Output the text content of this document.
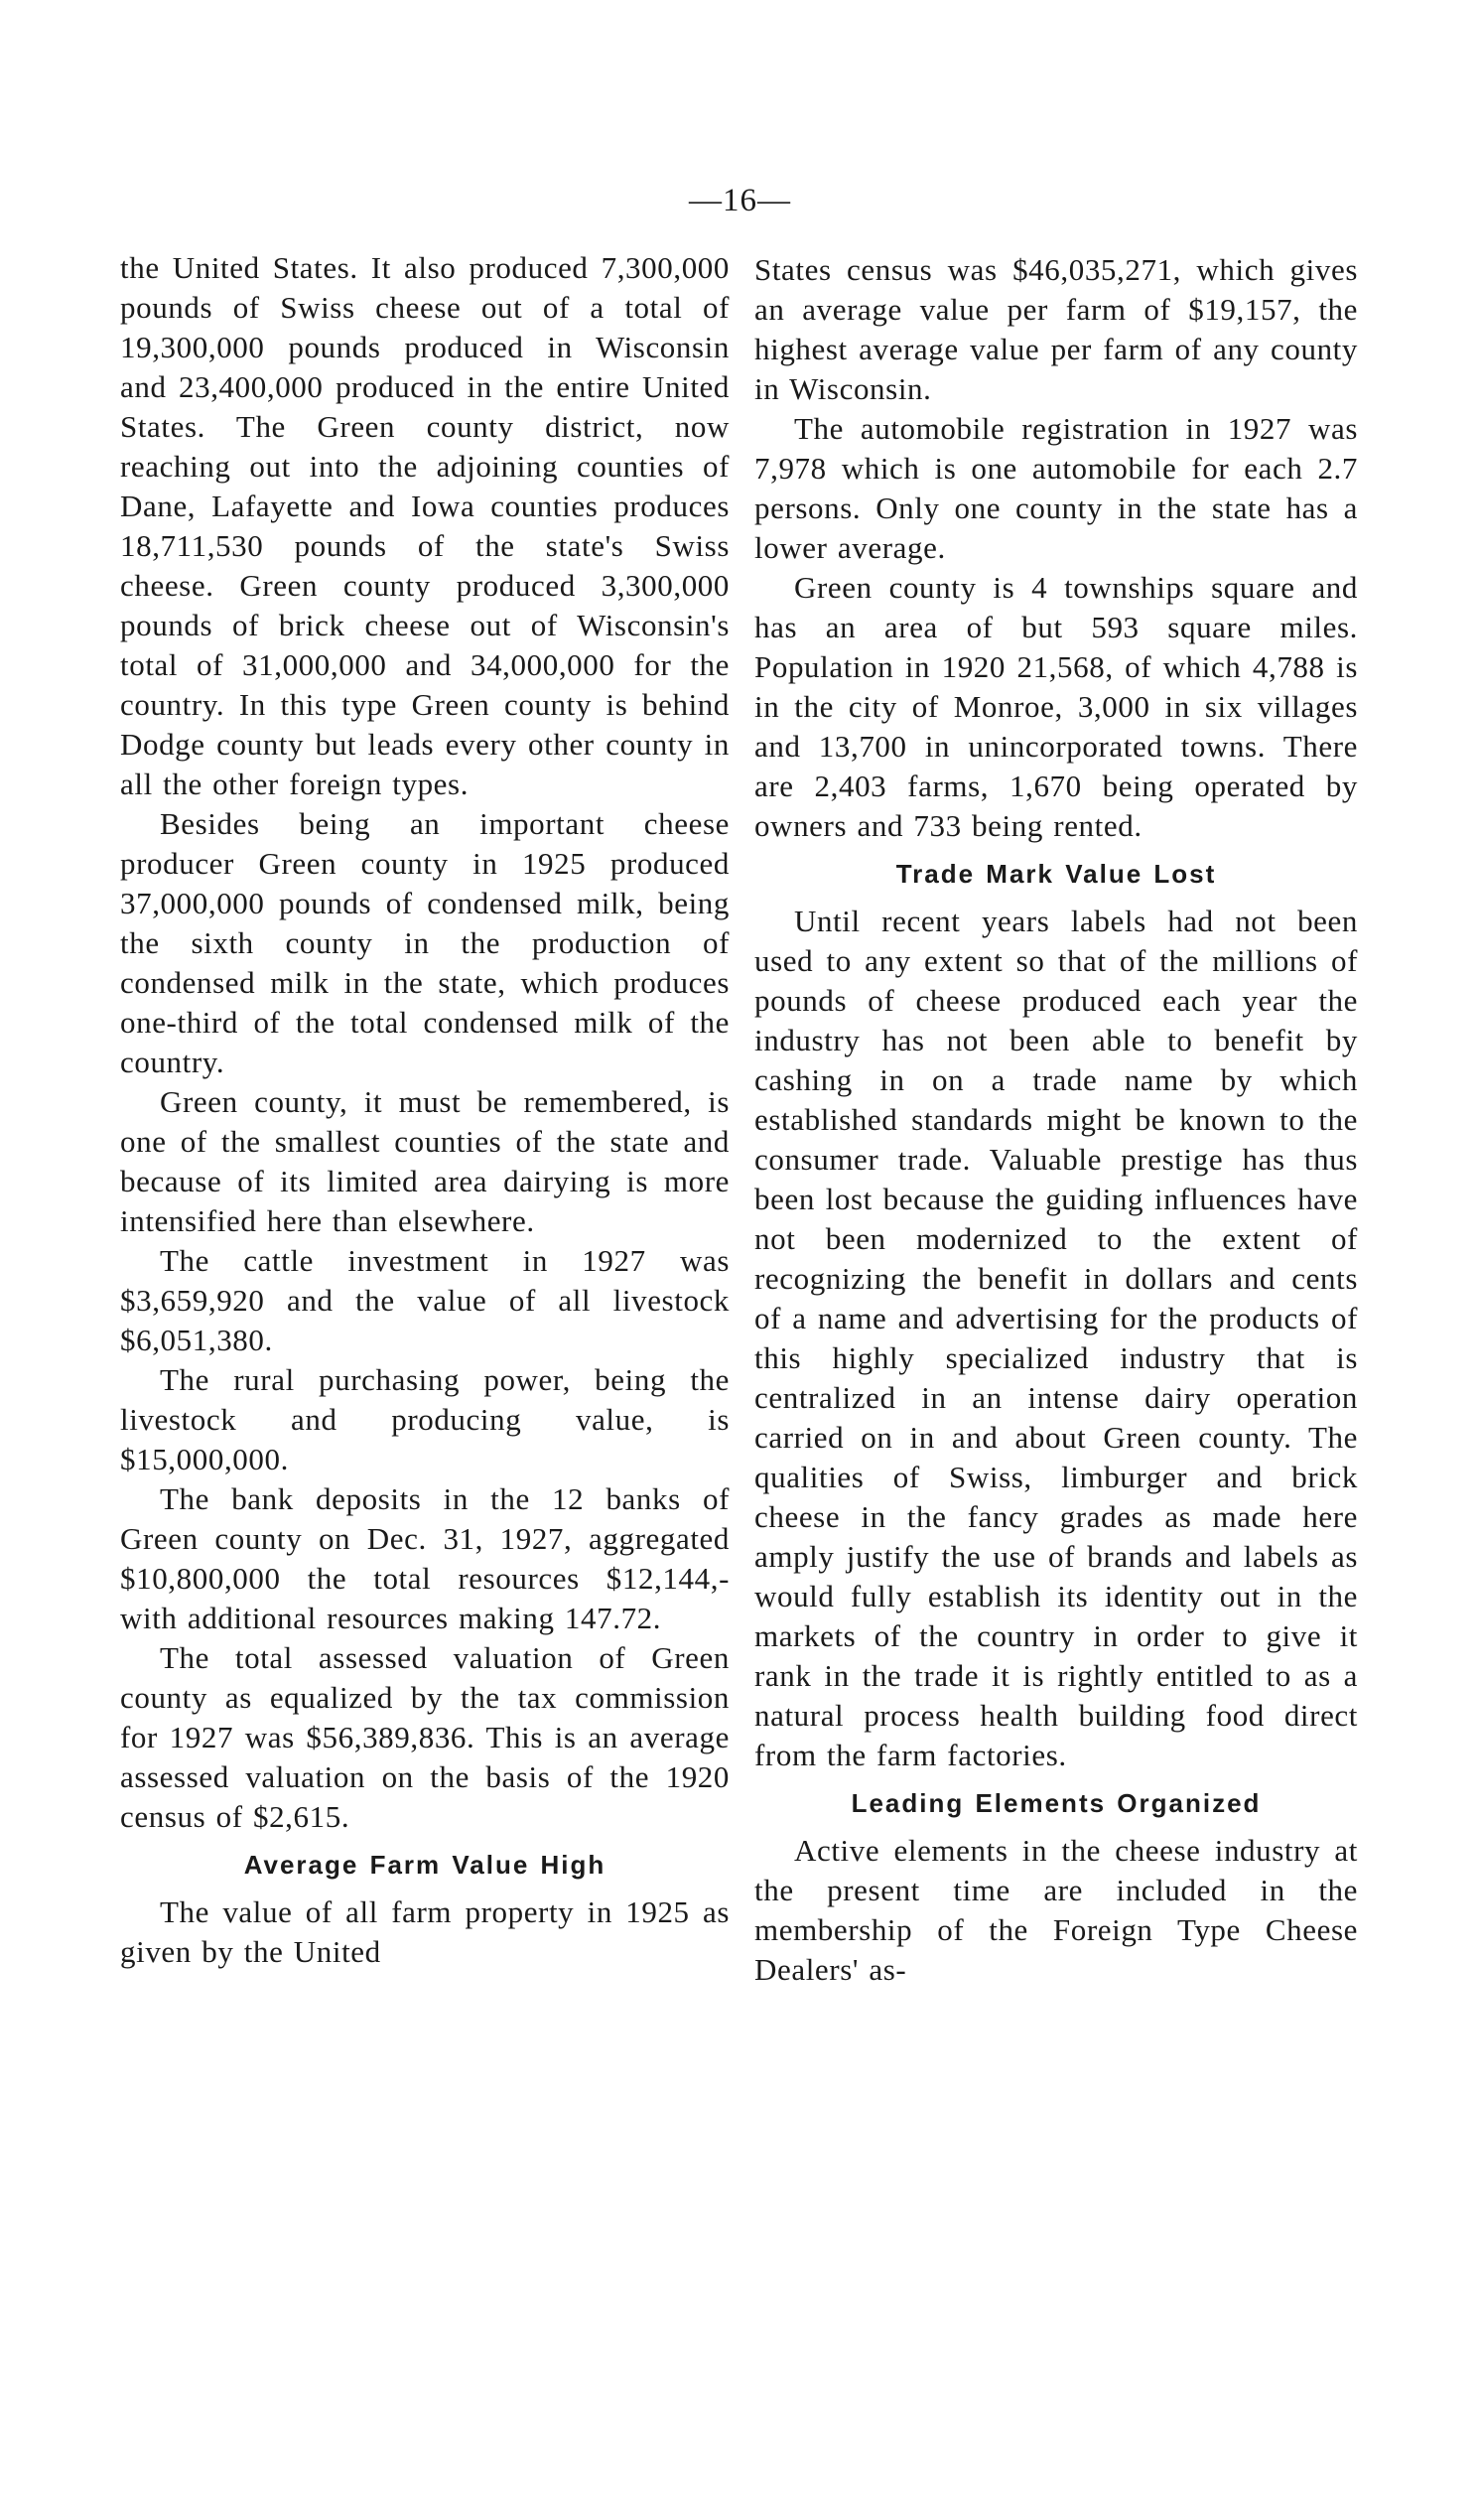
—16—

the United States. It also produced 7,300,000 pounds of Swiss cheese out of a total of 19,300,000 pounds produced in Wisconsin and 23,400,000 produced in the entire United States. The Green county district, now reaching out into the adjoining counties of Dane, Lafayette and Iowa counties produces 18,711,530 pounds of the state's Swiss cheese. Green county produced 3,300,000 pounds of brick cheese out of Wisconsin's total of 31,000,000 and 34,000,000 for the country. In this type Green county is behind Dodge county but leads every other county in all the other foreign types.

Besides being an important cheese producer Green county in 1925 produced 37,000,000 pounds of condensed milk, being the sixth county in the production of condensed milk in the state, which produces one-third of the total condensed milk of the country.

Green county, it must be remembered, is one of the smallest counties of the state and because of its limited area dairying is more intensified here than elsewhere.

The cattle investment in 1927 was $3,659,920 and the value of all livestock $6,051,380.

The rural purchasing power, being the livestock and producing value, is $15,000,000.

The bank deposits in the 12 banks of Green county on Dec. 31, 1927, aggregated $10,800,000 the total resources $12,144,- with additional resources making 147.72.

The total assessed valuation of Green county as equalized by the tax commission for 1927 was $56,389,836. This is an average assessed valuation on the basis of the 1920 census of $2,615.

Average Farm Value High

The value of all farm property in 1925 as given by the United

States census was $46,035,271, which gives an average value per farm of $19,157, the highest average value per farm of any county in Wisconsin.

The automobile registration in 1927 was 7,978 which is one automobile for each 2.7 persons. Only one county in the state has a lower average.

Green county is 4 townships square and has an area of but 593 square miles. Population in 1920 21,568, of which 4,788 is in the city of Monroe, 3,000 in six villages and 13,700 in unincorporated towns. There are 2,403 farms, 1,670 being operated by owners and 733 being rented.

Trade Mark Value Lost

Until recent years labels had not been used to any extent so that of the millions of pounds of cheese produced each year the industry has not been able to benefit by cashing in on a trade name by which established standards might be known to the consumer trade. Valuable prestige has thus been lost because the guiding influences have not been modernized to the extent of recognizing the benefit in dollars and cents of a name and advertising for the products of this highly specialized industry that is centralized in an intense dairy operation carried on in and about Green county. The qualities of Swiss, limburger and brick cheese in the fancy grades as made here amply justify the use of brands and labels as would fully establish its identity out in the markets of the country in order to give it rank in the trade it is rightly entitled to as a natural process health building food direct from the farm factories.

Leading Elements Organized

Active elements in the cheese industry at the present time are included in the membership of the Foreign Type Cheese Dealers' as-
